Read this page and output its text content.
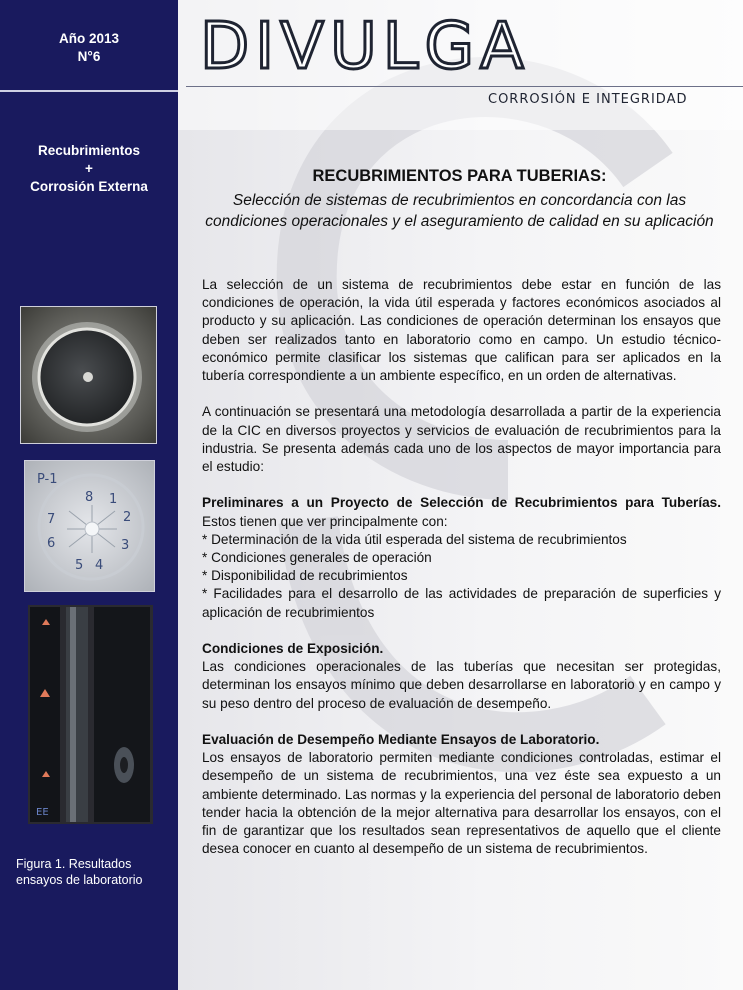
Año 2013
N°6
Recubrimientos
+
Corrosión Externa
P-1
1
2
3
4
5
6
7
8
EE
Figura 1. Resultados
ensayos de laboratorio
DIVULGA
CORROSIÓN E INTEGRIDAD
RECUBRIMIENTOS PARA TUBERIAS:
Selección de sistemas de recubrimientos en concordancia con las
condiciones operacionales y el aseguramiento de calidad en su aplicación

La selección de un sistema de recubrimientos debe estar en función de las condiciones de operación, la vida útil esperada y factores económicos asociados al producto y su aplicación. Las condiciones de operación determinan los ensayos que deben ser realizados tanto en laboratorio como en campo. Un estudio técnico-económico permite clasificar los sistemas que califican para ser aplicados en la tubería correspondiente a un ambiente específico, en un orden de alternativas.

A continuación se presentará una metodología desarrollada a partir de la experiencia de la CIC en diversos proyectos y servicios de evaluación de recubrimientos para la industria. Se presenta además cada uno de los aspectos de mayor importancia para el estudio:

Preliminares a un Proyecto de Selección de Recubrimientos para Tuberías. Estos tienen que ver principalmente con:

* Determinación de la vida útil esperada del sistema de recubrimientos

* Condiciones generales de operación

* Disponibilidad de recubrimientos

* Facilidades para el desarrollo de las actividades de preparación de superficies y aplicación de recubrimientos

Condiciones de Exposición.

Las condiciones operacionales de las tuberías que necesitan ser protegidas, determinan los ensayos mínimo que deben desarrollarse en laboratorio y en campo y su peso dentro del proceso de evaluación de desempeño.

Evaluación de Desempeño Mediante Ensayos de Laboratorio.

Los ensayos de laboratorio permiten mediante condiciones controladas, estimar el desempeño de un sistema de recubrimientos, una vez éste sea expuesto a un ambiente determinado. Las normas y la experiencia del personal de laboratorio deben tender hacia la obtención de la mejor alternativa para desarrollar los ensayos, con el fin de garantizar que los resultados sean representativos de aquello que el cliente desea conocer en cuanto al desempeño de un sistema de recubrimientos.
